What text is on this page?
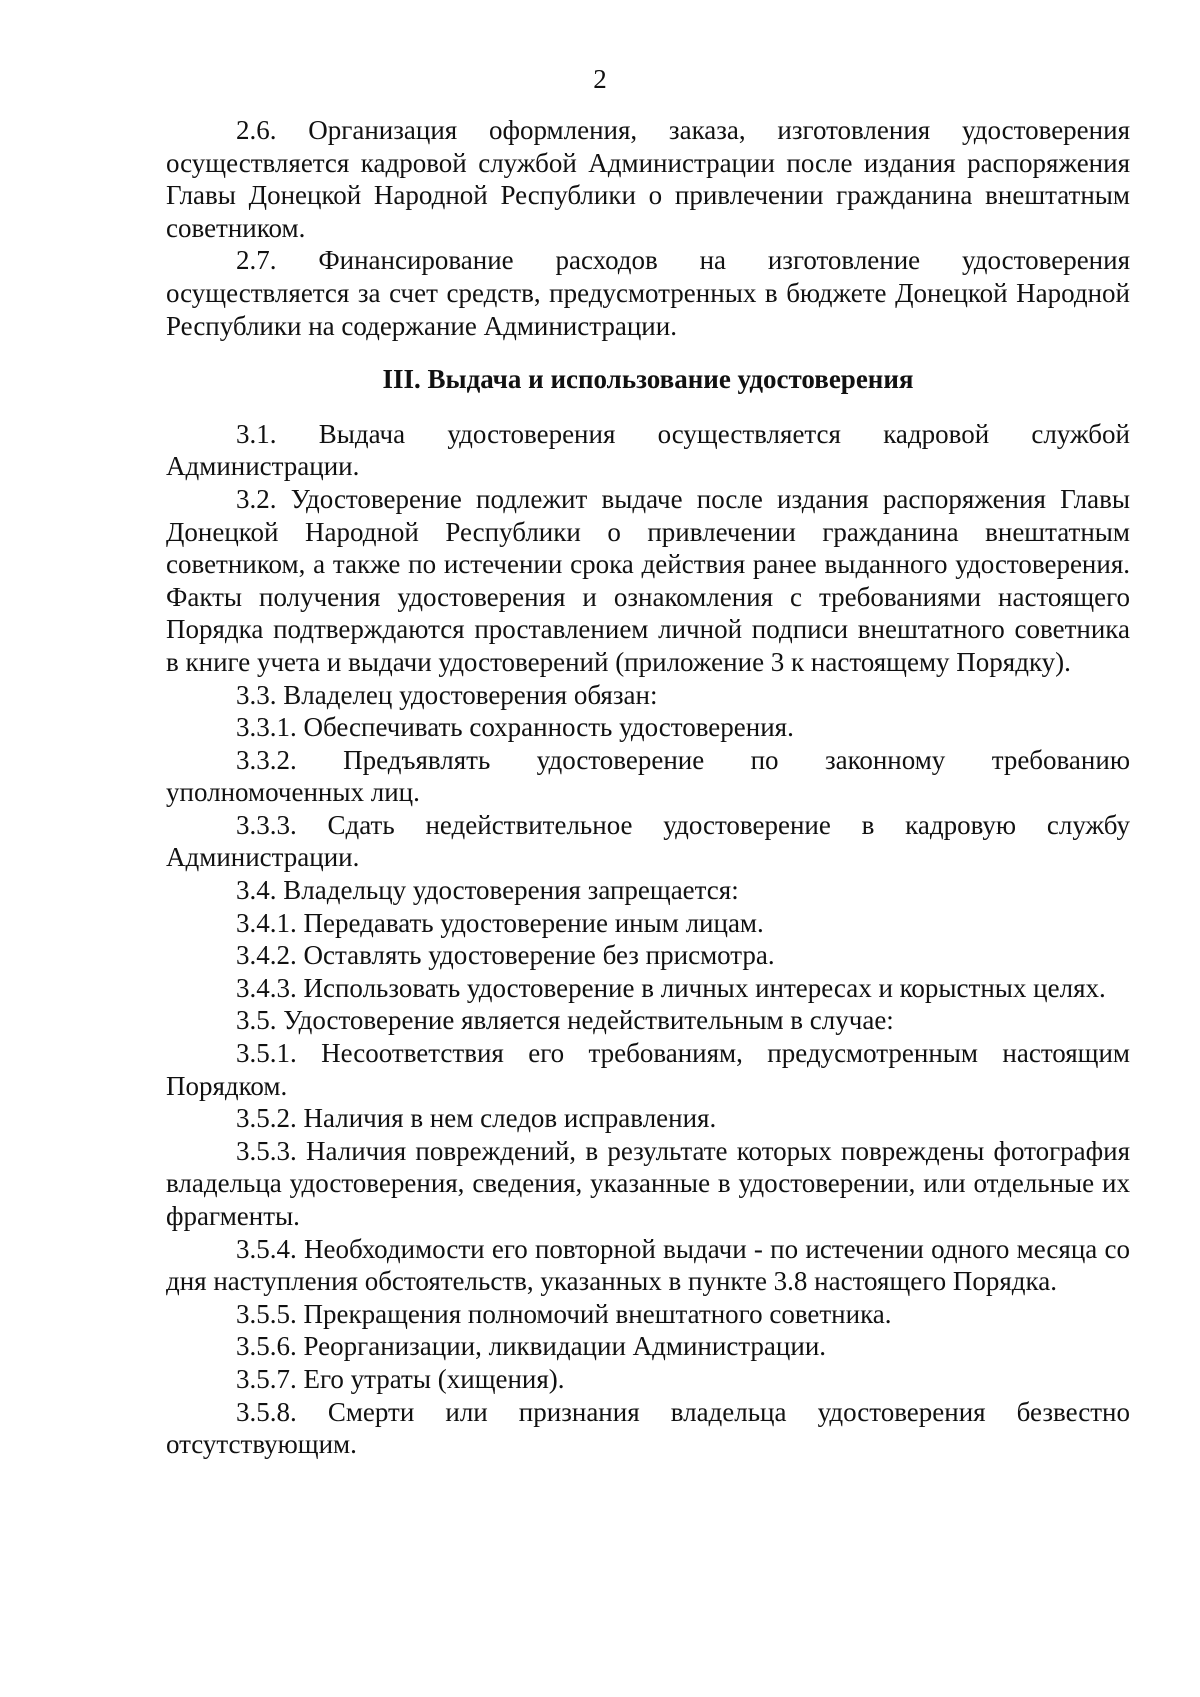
2

2.6. Организация оформления, заказа, изготовления удостоверения осуществляется кадровой службой Администрации после издания распоряжения Главы Донецкой Народной Республики о привлечении гражданина внештатным советником.

2.7. Финансирование расходов на изготовление удостоверения осуществляется за счет средств, предусмотренных в бюджете Донецкой Народной Республики на содержание Администрации.

III. Выдача и использование удостоверения

3.1. Выдача удостоверения осуществляется кадровой службой Администрации.

3.2. Удостоверение подлежит выдаче после издания распоряжения Главы Донецкой Народной Республики о привлечении гражданина внештатным советником, а также по истечении срока действия ранее выданного удостоверения. Факты получения удостоверения и ознакомления с требованиями настоящего Порядка подтверждаются проставлением личной подписи внештатного советника в книге учета и выдачи удостоверений (приложение 3 к настоящему Порядку).

3.3. Владелец удостоверения обязан:

3.3.1. Обеспечивать сохранность удостоверения.

3.3.2. Предъявлять удостоверение по законному требованию уполномоченных лиц.

3.3.3. Сдать недействительное удостоверение в кадровую службу Администрации.

3.4. Владельцу удостоверения запрещается:

3.4.1. Передавать удостоверение иным лицам.

3.4.2. Оставлять удостоверение без присмотра.

3.4.3. Использовать удостоверение в личных интересах и корыстных целях.

3.5. Удостоверение является недействительным в случае:

3.5.1. Несоответствия его требованиям, предусмотренным настоящим Порядком.

3.5.2. Наличия в нем следов исправления.

3.5.3. Наличия повреждений, в результате которых повреждены фотография владельца удостоверения, сведения, указанные в удостоверении, или отдельные их фрагменты.

3.5.4. Необходимости его повторной выдачи - по истечении одного месяца со дня наступления обстоятельств, указанных в пункте 3.8 настоящего Порядка.

3.5.5. Прекращения полномочий внештатного советника.

3.5.6. Реорганизации, ликвидации Администрации.

3.5.7. Его утраты (хищения).

3.5.8. Смерти или признания владельца удостоверения безвестно отсутствующим.
